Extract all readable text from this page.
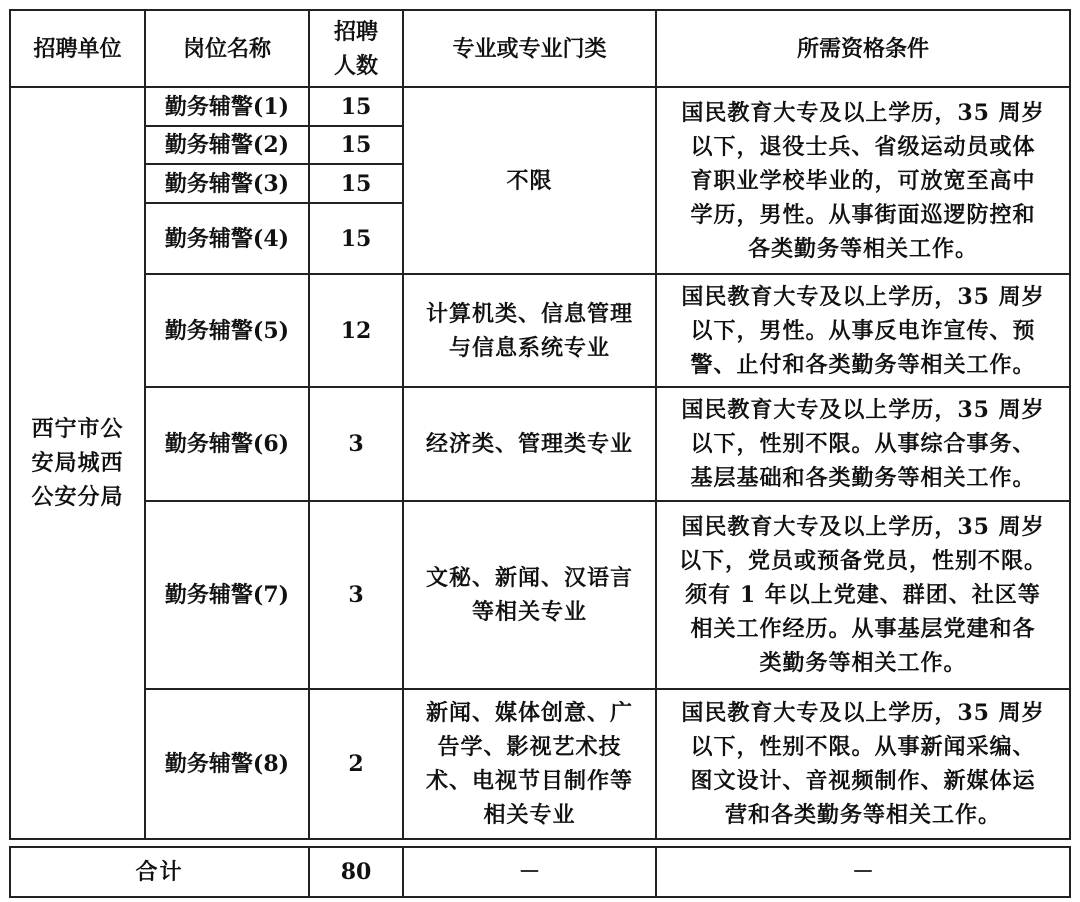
招聘单位	岗位名称	招聘
人数	专业或专业门类	所需资格条件

西宁市公
安局城西
公安分局	勤务辅警(1)	15	不限	国民教育大专及以上学历，35 周岁
以下，退役士兵、省级运动员或体
育职业学校毕业的，可放宽至高中
学历，男性。从事街面巡逻防控和
各类勤务等相关工作。

	勤务辅警(2)	15		
	勤务辅警(3)	15		
	勤务辅警(4)	15		
	勤务辅警(5)	12	计算机类、信息管理
与信息系统专业	国民教育大专及以上学历，35 周岁
以下，男性。从事反电诈宣传、预
警、止付和各类勤务等相关工作。

	勤务辅警(6)	3	经济类、管理类专业	国民教育大专及以上学历，35 周岁
以下，性别不限。从事综合事务、
基层基础和各类勤务等相关工作。

	勤务辅警(7)	3	文秘、新闻、汉语言
等相关专业	国民教育大专及以上学历，35 周岁
以下，党员或预备党员，性别不限。
须有 1 年以上党建、群团、社区等
相关工作经历。从事基层党建和各
类勤务等相关工作。

	勤务辅警(8)	2	新闻、媒体创意、广
告学、影视艺术技
术、电视节目制作等
相关专业	国民教育大专及以上学历，35 周岁
以下，性别不限。从事新闻采编、
图文设计、音视频制作、新媒体运
营和各类勤务等相关工作。
合计	80	－	－
